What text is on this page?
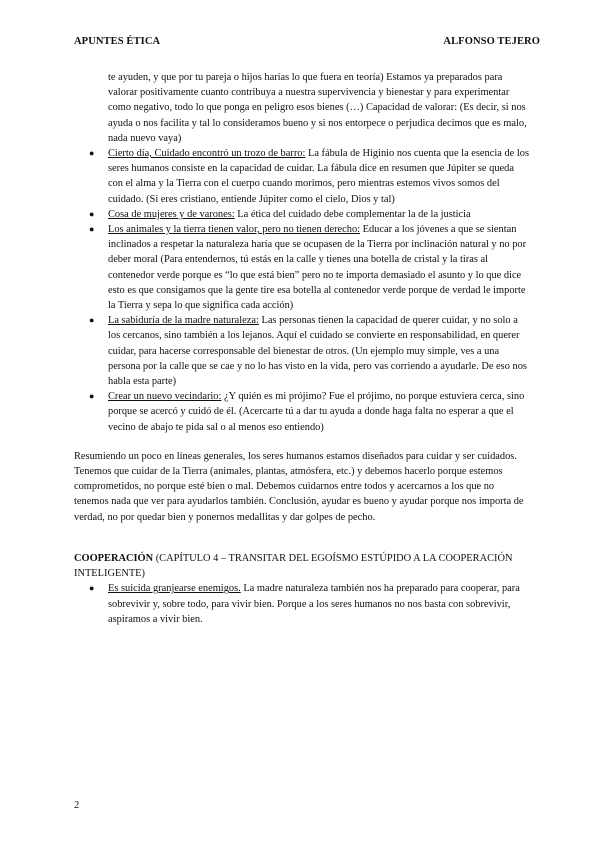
APUNTES ÉTICA	ALFONSO TEJERO

te ayuden, y que por tu pareja o hijos harías lo que fuera en teoría) Estamos ya preparados para valorar positivamente cuanto contribuya a nuestra supervivencia y bienestar y para experimentar como negativo, todo lo que ponga en peligro esos bienes (…) Capacidad de valorar: (Es decir, si nos ayuda o nos facilita y tal lo consideramos bueno y si nos entorpece o perjudica decimos que es malo, nada nuevo vaya)

● Cierto día, Cuidado encontró un trozo de barro: La fábula de Higinio nos cuenta que la esencia de los seres humanos consiste en la capacidad de cuidar. La fábula dice en resumen que Júpiter se queda con el alma y la Tierra con el cuerpo cuando morimos, pero mientras estemos vivos somos del cuidado. (Si eres cristiano, entiende Júpiter como el cielo, Dios y tal)
● Cosa de mujeres y de varones: La ética del cuidado debe complementar la de la justicia
● Los animales y la tierra tienen valor, pero no tienen derecho: Educar a los jóvenes a que se sientan inclinados a respetar la naturaleza haría que se ocupasen de la Tierra por inclinación natural y no por deber moral (Para entendernos, tú estás en la calle y tienes una botella de cristal y la tiras al contenedor verde porque es “lo que está bien” pero no te importa demasiado el asunto y lo que dice esto es que consigamos que la gente tire esa botella al contenedor verde porque de verdad le importe la Tierra y sepa lo que significa cada acción)
● La sabiduría de la madre naturaleza: Las personas tienen la capacidad de querer cuidar, y no solo a los cercanos, sino también a los lejanos. Aquí el cuidado se convierte en responsabilidad, en querer cuidar, para hacerse corresponsable del bienestar de otros. (Un ejemplo muy simple, ves a una persona por la calle que se cae y no lo has visto en la vida, pero vas corriendo a ayudarle. De eso nos habla esta parte)
● Crear un nuevo vecindario: ¿Y quién es mi prójimo? Fue el prójimo, no porque estuviera cerca, sino porque se acercó y cuidó de él. (Acercarte tú a dar tu ayuda a donde haga falta no esperar a que el vecino de abajo te pida sal o al menos eso entiendo)

Resumiendo un poco en líneas generales, los seres humanos estamos diseñados para cuidar y ser cuidados. Tenemos que cuidar de la Tierra (animales, plantas, atmósfera, etc.) y debemos hacerlo porque estemos comprometidos, no porque esté bien o mal. Debemos cuidarnos entre todos y acercarnos a los que no tenemos nada que ver para ayudarlos también. Conclusión, ayudar es bueno y ayudar porque nos importa de verdad, no por quedar bien y ponernos medallitas y dar golpes de pecho.

COOPERACIÓN (CAPÍTULO 4 – TRANSITAR DEL EGOÍSMO ESTÚPIDO A LA COOPERACIÓN INTELIGENTE)
● Es suicida granjearse enemigos. La madre naturaleza también nos ha preparado para cooperar, para sobrevivir y, sobre todo, para vivir bien. Porque a los seres humanos no nos basta con sobrevivir, aspiramos a vivir bien.
2
